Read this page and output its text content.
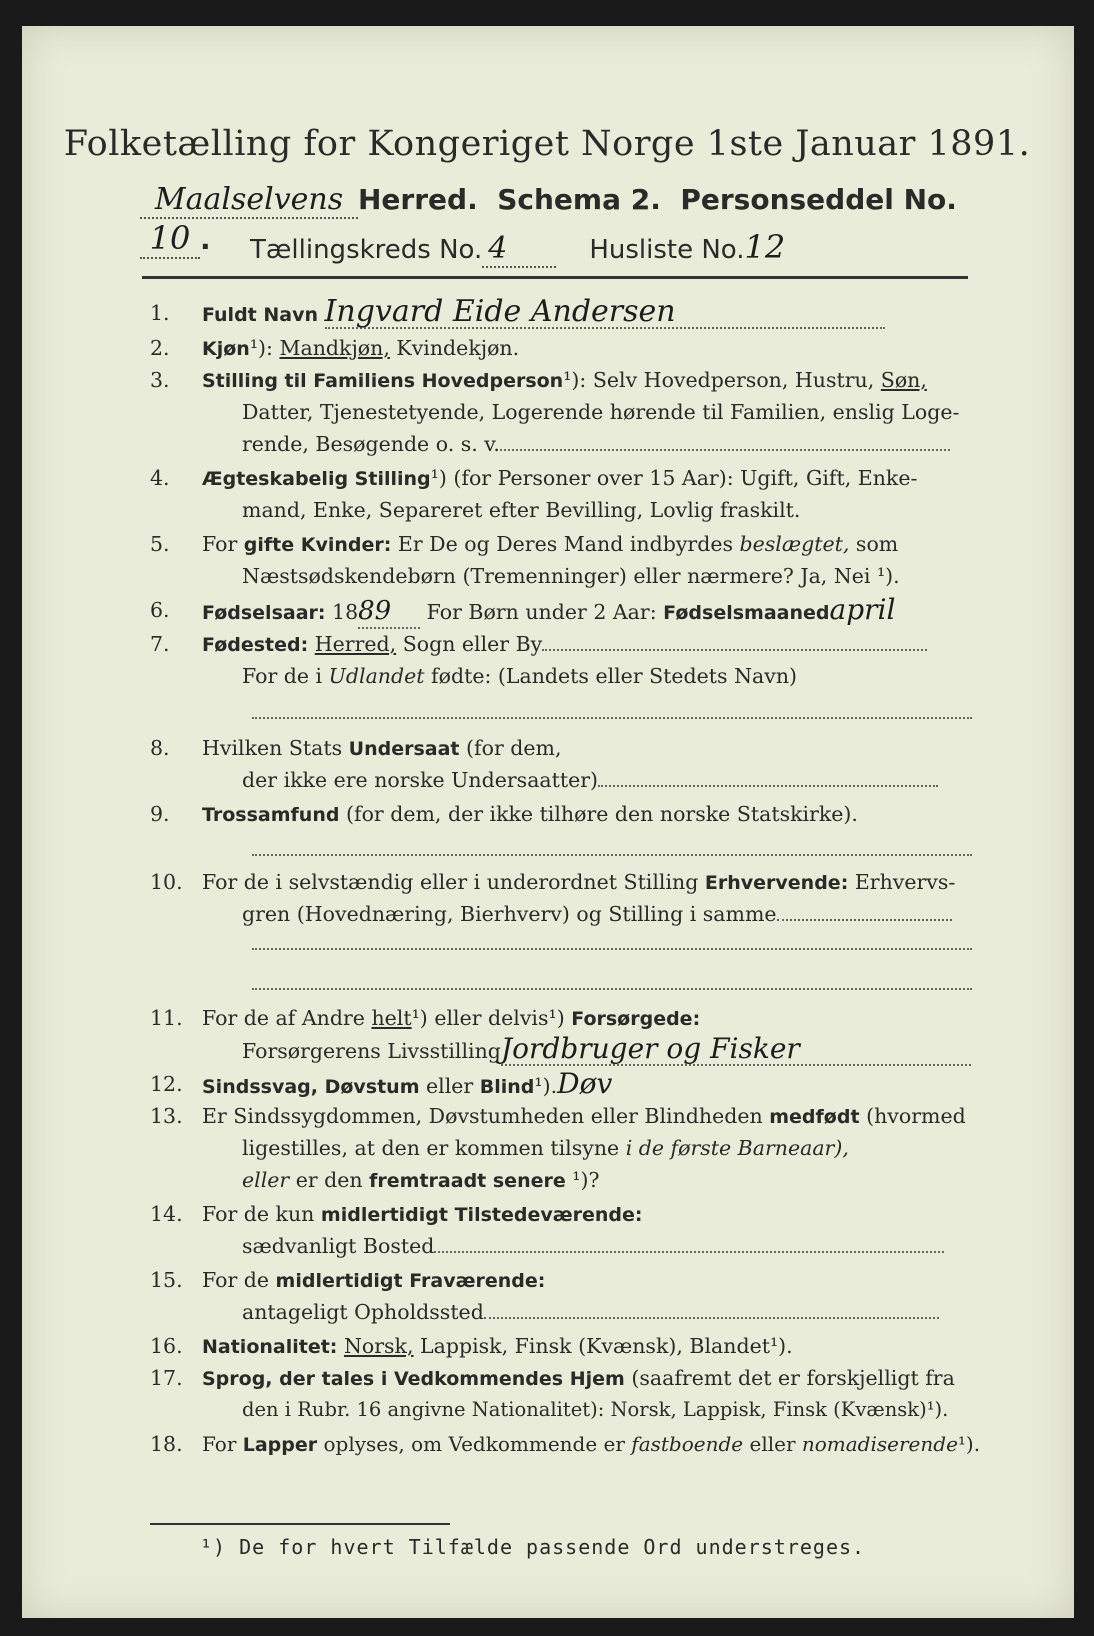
Folketælling for Kongeriget Norge 1ste Januar 1891.
Maalselvens Herred. Schema 2. Personseddel No.10 .	Tællingskreds No. 4	Husliste No.12
1.	Fuldt Navn Ingvard Eide Andersen
2.	Kjøn¹): Mandkjøn, Kvindekjøn.
3.	Stilling til Familiens Hovedperson¹): Selv Hovedperson, Hustru, Søn,
Datter, Tjenestetyende, Logerende hørende til Familien, enslig Loge-
rende, Besøgende o. s. v.
4.	Ægteskabelig Stilling¹) (for Personer over 15 Aar): Ugift, Gift, Enke-
mand, Enke, Separeret efter Bevilling, Lovlig fraskilt.
5.	For gifte Kvinder: Er De og Deres Mand indbyrdes beslægtet, som
Næstsødskendebørn (Tremenninger) eller nærmere? Ja, Nei ¹).
6.	Fødselsaar: 1889 For Børn under 2 Aar: Fødselsmaanedapril
7.	Fødested: Herred, Sogn eller By
For de i Udlandet fødte: (Landets eller Stedets Navn)
8.	Hvilken Stats Undersaat (for dem,
der ikke ere norske Undersaatter)
9.	Trossamfund (for dem, der ikke tilhøre den norske Statskirke).
10. For de i selvstændig eller i underordnet Stilling Erhvervende: Erhvervs-
gren (Hovednæring, Bierhverv) og Stilling i samme
11. For de af Andre helt¹) eller delvis¹) Forsørgede:
Forsørgerens LivsstillingJordbruger og Fisker
12.	Sindssvag, Døvstum eller Blind¹).Døv
13. Er Sindssygdommen, Døvstumheden eller Blindheden medfødt (hvormed
ligestilles, at den er kommen tilsyne i de første Barneaar),
eller er den fremtraadt senere ¹)?
14. For de kun midlertidigt Tilstedeværende:
sædvanligt Bosted
15. For de midlertidigt Fraværende:
antageligt Opholdssted
16.	Nationalitet: Norsk, Lappisk, Finsk (Kvænsk), Blandet¹).
17.	Sprog, der tales i Vedkommendes Hjem (saafremt det er forskjelligt fra
den i Rubr. 16 angivne Nationalitet): Norsk, Lappisk, Finsk (Kvænsk)¹).
18. For Lapper oplyses, om Vedkommende er fastboende eller nomadiserende¹).
¹) De for hvert Tilfælde passende Ord understreges.
